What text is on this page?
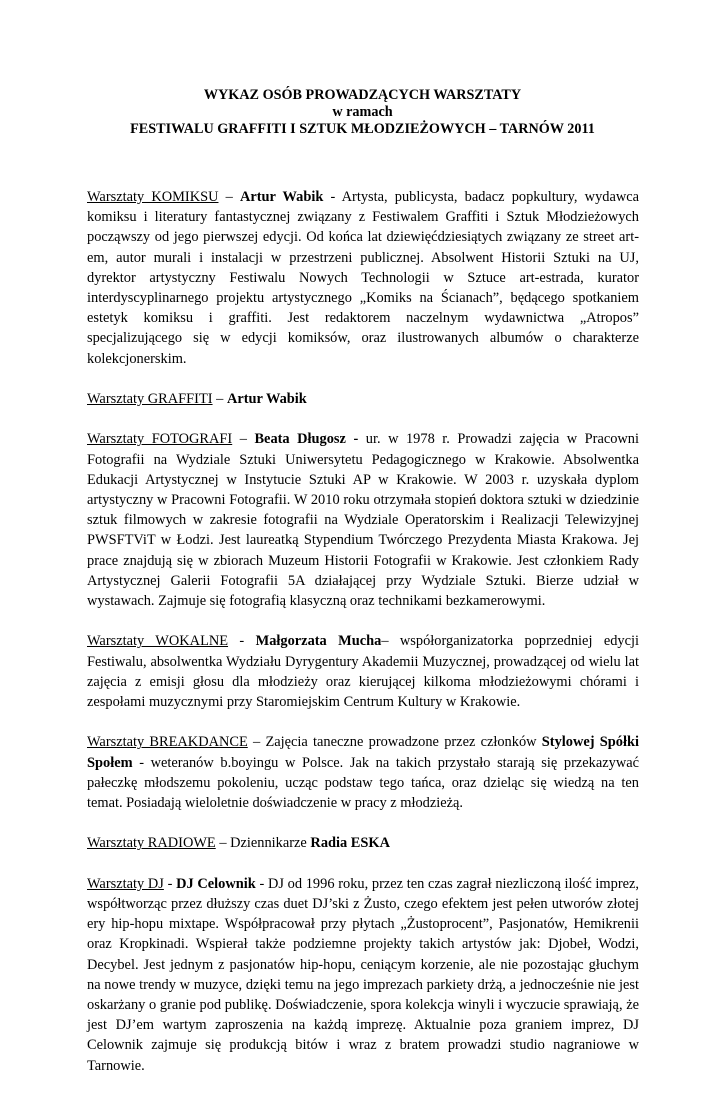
WYKAZ OSÓB PROWADZĄCYCH WARSZTATY
w ramach
FESTIWALU GRAFFITI I SZTUK MŁODZIEŻOWYCH – TARNÓW 2011

Warsztaty KOMIKSU – Artur Wabik - Artysta, publicysta, badacz popkultury, wydawca komiksu i literatury fantastycznej związany z Festiwalem Graffiti i Sztuk Młodzieżowych począwszy od jego pierwszej edycji. Od końca lat dziewięćdziesiątych związany ze street art-em, autor murali i instalacji w przestrzeni publicznej. Absolwent Historii Sztuki na UJ, dyrektor artystyczny Festiwalu Nowych Technologii w Sztuce art-estrada, kurator interdyscyplinarnego projektu artystycznego „Komiks na Ścianach”, będącego spotkaniem estetyk komiksu i graffiti. Jest redaktorem naczelnym wydawnictwa „Atropos” specjalizującego się w edycji komiksów, oraz ilustrowanych albumów o charakterze kolekcjonerskim.

Warsztaty GRAFFITI – Artur Wabik

Warsztaty FOTOGRAFI – Beata Długosz - ur. w 1978 r. Prowadzi zajęcia w Pracowni Fotografii na Wydziale Sztuki Uniwersytetu Pedagogicznego w Krakowie. Absolwentka Edukacji Artystycznej w Instytucie Sztuki AP w Krakowie. W 2003 r. uzyskała dyplom artystyczny w Pracowni Fotografii. W 2010 roku otrzymała stopień doktora sztuki w dziedzinie sztuk filmowych w zakresie fotografii na Wydziale Operatorskim i Realizacji Telewizyjnej PWSFTViT w Łodzi. Jest laureatką Stypendium Twórczego Prezydenta Miasta Krakowa. Jej prace znajdują się w zbiorach Muzeum Historii Fotografii w Krakowie. Jest członkiem Rady Artystycznej Galerii Fotografii 5A działającej przy Wydziale Sztuki. Bierze udział w wystawach. Zajmuje się fotografią klasyczną oraz technikami bezkamerowymi.

Warsztaty WOKALNE - Małgorzata Mucha– współorganizatorka poprzedniej edycji Festiwalu, absolwentka Wydziału Dyrygentury Akademii Muzycznej, prowadzącej od wielu lat zajęcia z emisji głosu dla młodzieży oraz kierującej kilkoma młodzieżowymi chórami i zespołami muzycznymi przy Staromiejskim Centrum Kultury w Krakowie.

Warsztaty BREAKDANCE – Zajęcia taneczne prowadzone przez członków Stylowej Spółki Społem - weteranów b.boyingu w Polsce. Jak na takich przystało starają się przekazywać pałeczkę młodszemu pokoleniu, ucząc podstaw tego tańca, oraz dzieląc się wiedzą na ten temat. Posiadają wieloletnie doświadczenie w pracy z młodzieżą.

Warsztaty RADIOWE – Dziennikarze Radia ESKA

Warsztaty DJ - DJ Celownik - DJ od 1996 roku, przez ten czas zagrał niezliczoną ilość imprez, współtworząc przez dłuższy czas duet DJ’ski z Żusto, czego efektem jest pełen utworów złotej ery hip-hopu mixtape. Współpracował przy płytach „Żustoprocent”, Pasjonatów, Hemikrenii oraz Kropkinadi. Wspierał także podziemne projekty takich artystów jak: Djobeł, Wodzi, Decybel. Jest jednym z pasjonatów hip-hopu, ceniącym korzenie, ale nie pozostając głuchym na nowe trendy w muzyce, dzięki temu na jego imprezach parkiety drżą, a jednocześnie nie jest oskarżany o granie pod publikę. Doświadczenie, spora kolekcja winyli i wyczucie sprawiają, że jest DJ’em wartym zaproszenia na każdą imprezę. Aktualnie poza graniem imprez, DJ Celownik zajmuje się produkcją bitów i wraz z bratem prowadzi studio nagraniowe w Tarnowie.
